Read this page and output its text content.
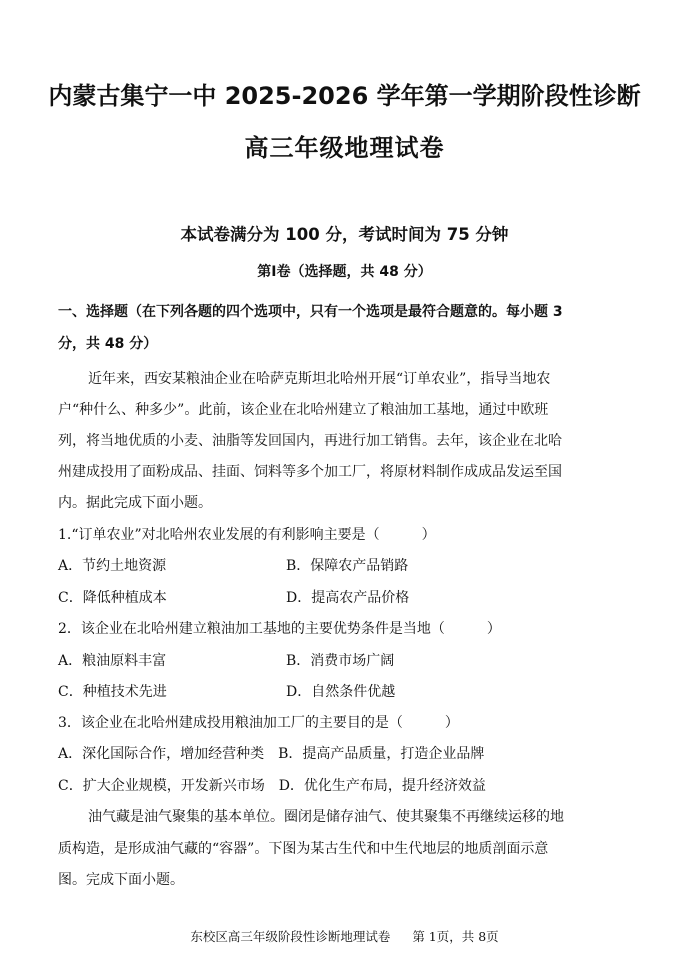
内蒙古集宁一中 2025-2026 学年第一学期阶段性诊断
高三年级地理试卷
本试卷满分为 100 分，考试时间为 75 分钟
第Ⅰ卷（选择题，共 48 分）
一、选择题（在下列各题的四个选项中，只有一个选项是最符合题意的。每小题 3
分，共 48 分）
近年来，西安某粮油企业在哈萨克斯坦北哈州开展“订单农业”，指导当地农
户“种什么、种多少”。此前，该企业在北哈州建立了粮油加工基地，通过中欧班
列，将当地优质的小麦、油脂等发回国内，再进行加工销售。去年，该企业在北哈
州建成投用了面粉成品、挂面、饲料等多个加工厂，将原材料制作成成品发运至国
内。据此完成下面小题。
1.“订单农业”对北哈州农业发展的有利影响主要是（　　　）
A．节约土地资源	B．保障农产品销路
C．降低种植成本	D．提高农产品价格
2．该企业在北哈州建立粮油加工基地的主要优势条件是当地（　　　）
A．粮油原料丰富	B．消费市场广阔
C．种植技术先进	D．自然条件优越
3．该企业在北哈州建成投用粮油加工厂的主要目的是（　　　）
A．深化国际合作，增加经营种类　B．提高产品质量，打造企业品牌
C．扩大企业规模，开发新兴市场　D．优化生产布局，提升经济效益
油气藏是油气聚集的基本单位。圈闭是储存油气、使其聚集不再继续运移的地
质构造，是形成油气藏的“容器”。下图为某古生代和中生代地层的地质剖面示意
图。完成下面小题。
东校区高三年级阶段性诊断地理试卷 第 1页，共 8页
